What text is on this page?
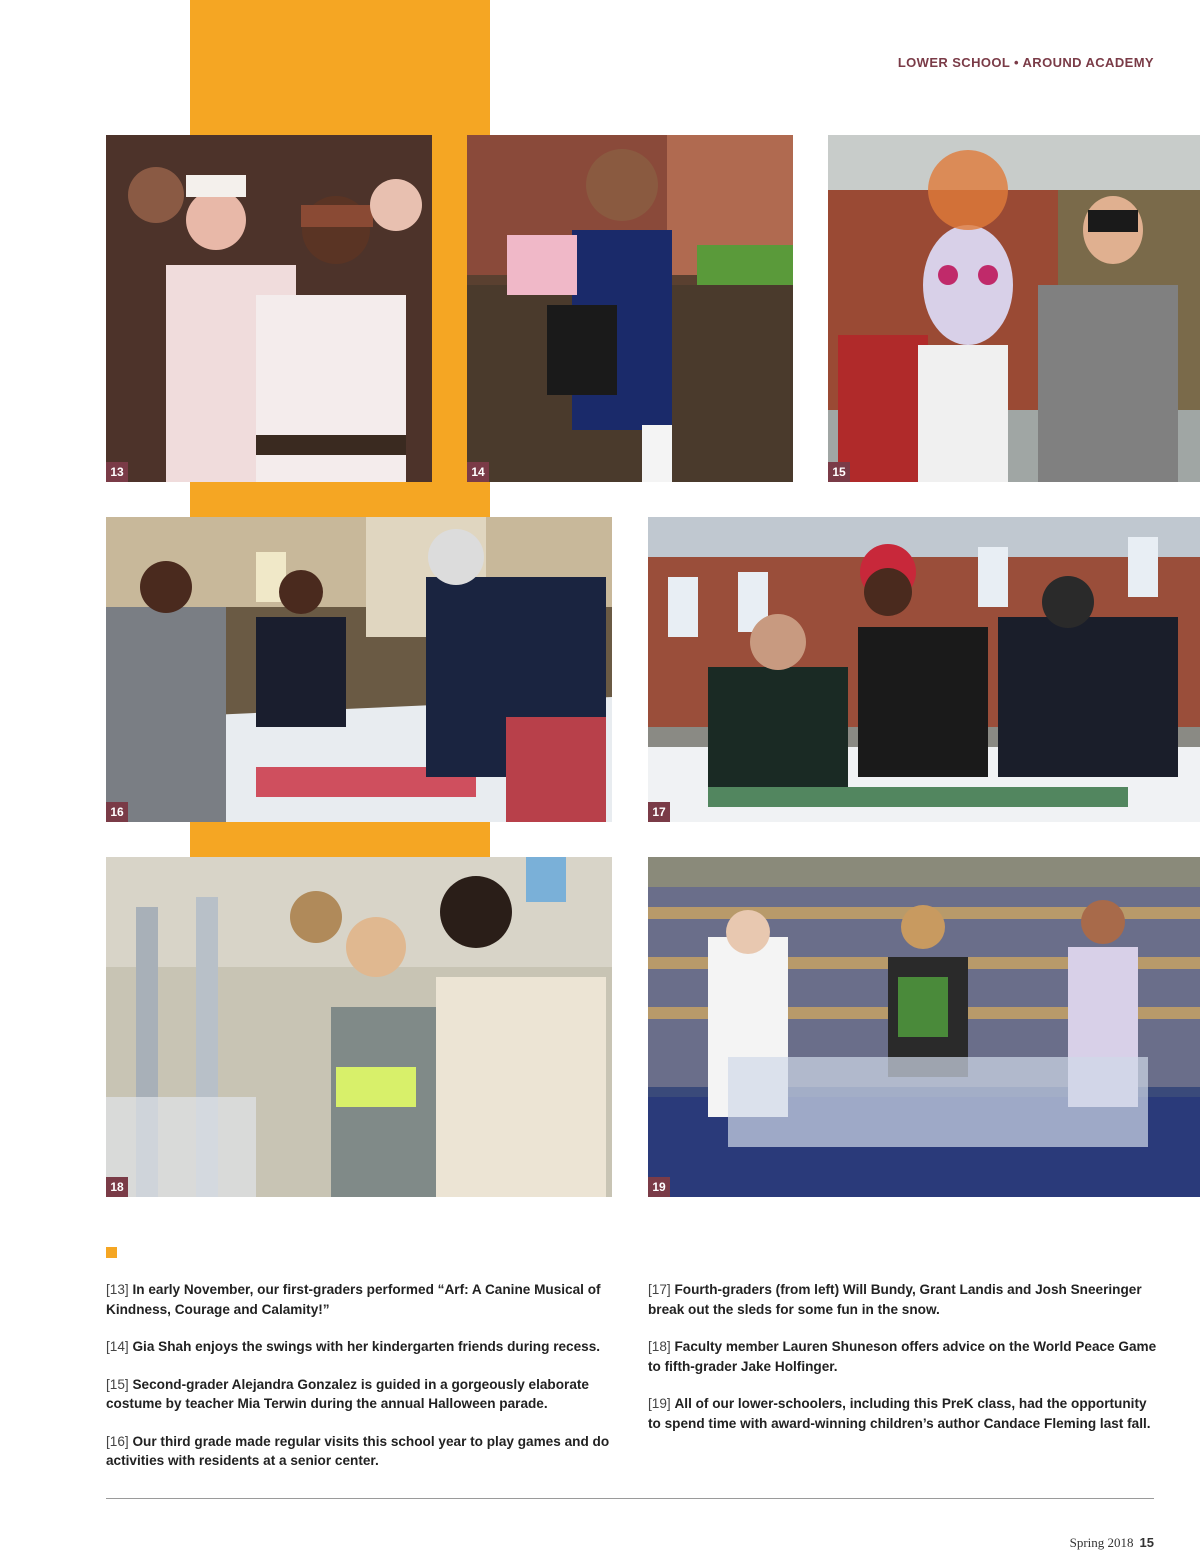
LOWER SCHOOL • AROUND ACADEMY
13	14	15
16	17
18	19

[13] In early November, our first-graders performed “Arf: A Canine Musical of Kindness, Courage and Calamity!”

[14] Gia Shah enjoys the swings with her kindergarten friends during recess.

[15] Second-grader Alejandra Gonzalez is guided in a gorgeously elaborate costume by teacher Mia Terwin during the annual Halloween parade.

[16] Our third grade made regular visits this school year to play games and do activities with residents at a senior center.

[17] Fourth-graders (from left) Will Bundy, Grant Landis and Josh Sneeringer break out the sleds for some fun in the snow.

[18] Faculty member Lauren Shuneson offers advice on the World Peace Game to fifth-grader Jake Holfinger.

[19] All of our lower-schoolers, including this PreK class, had the opportunity to spend time with award-winning children’s author Candace Fleming last fall.

Spring 2018 15
